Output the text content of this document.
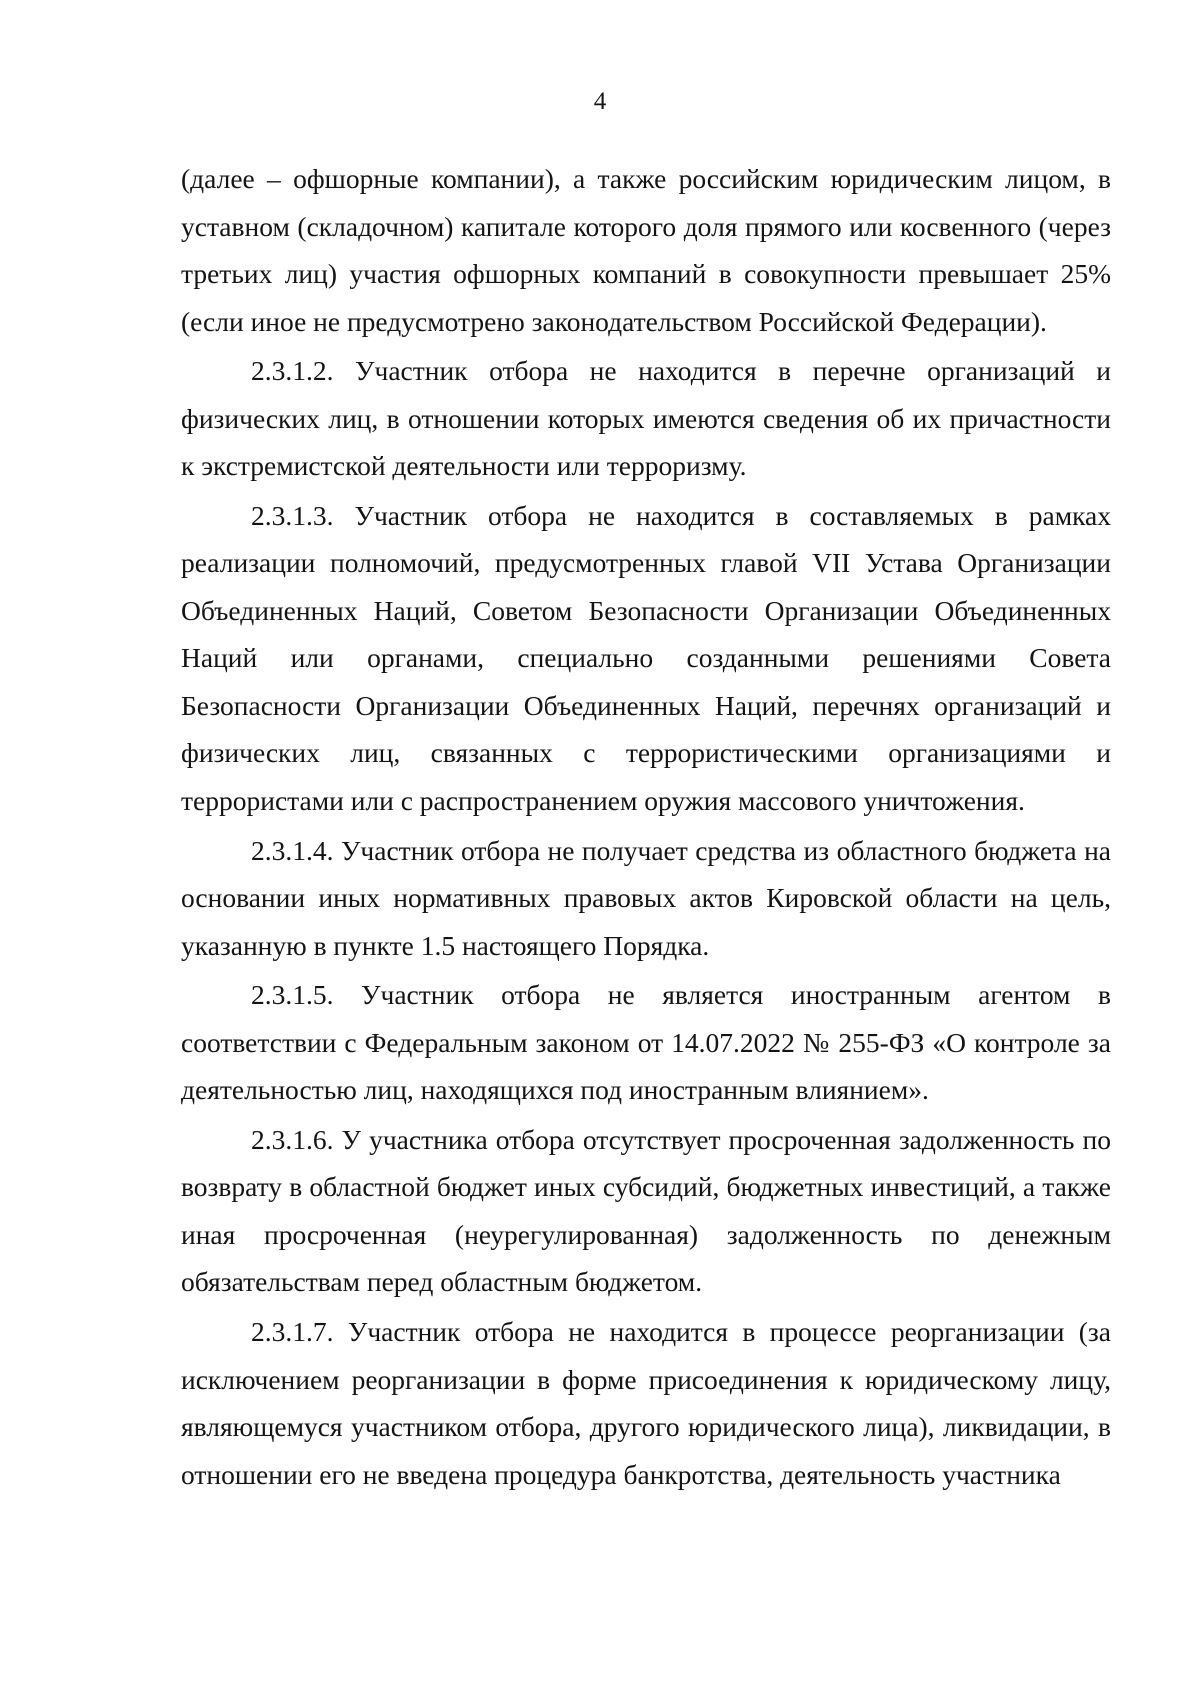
4

(далее – офшорные компании), а также российским юридическим лицом, в уставном (складочном) капитале которого доля прямого или косвенного (через третьих лиц) участия офшорных компаний в совокупности превышает 25% (если иное не предусмотрено законодательством Российской Федерации).

2.3.1.2. Участник отбора не находится в перечне организаций и физических лиц, в отношении которых имеются сведения об их причастности к экстремистской деятельности или терроризму.

2.3.1.3. Участник отбора не находится в составляемых в рамках реализации полномочий, предусмотренных главой VII Устава Организации Объединенных Наций, Советом Безопасности Организации Объединенных Наций или органами, специально созданными решениями Совета Безопасности Организации Объединенных Наций, перечнях организаций и физических лиц, связанных с террористическими организациями и террористами или с распространением оружия массового уничтожения.

2.3.1.4. Участник отбора не получает средства из областного бюджета на основании иных нормативных правовых актов Кировской области на цель, указанную в пункте 1.5 настоящего Порядка.

2.3.1.5. Участник отбора не является иностранным агентом в соответствии с Федеральным законом от 14.07.2022 № 255-ФЗ «О контроле за деятельностью лиц, находящихся под иностранным влиянием».

2.3.1.6. У участника отбора отсутствует просроченная задолженность по возврату в областной бюджет иных субсидий, бюджетных инвестиций, а также иная просроченная (неурегулированная) задолженность по денежным обязательствам перед областным бюджетом.

2.3.1.7. Участник отбора не находится в процессе реорганизации (за исключением реорганизации в форме присоединения к юридическому лицу, являющемуся участником отбора, другого юридического лица), ликвидации, в отношении его не введена процедура банкротства, деятельность участника
